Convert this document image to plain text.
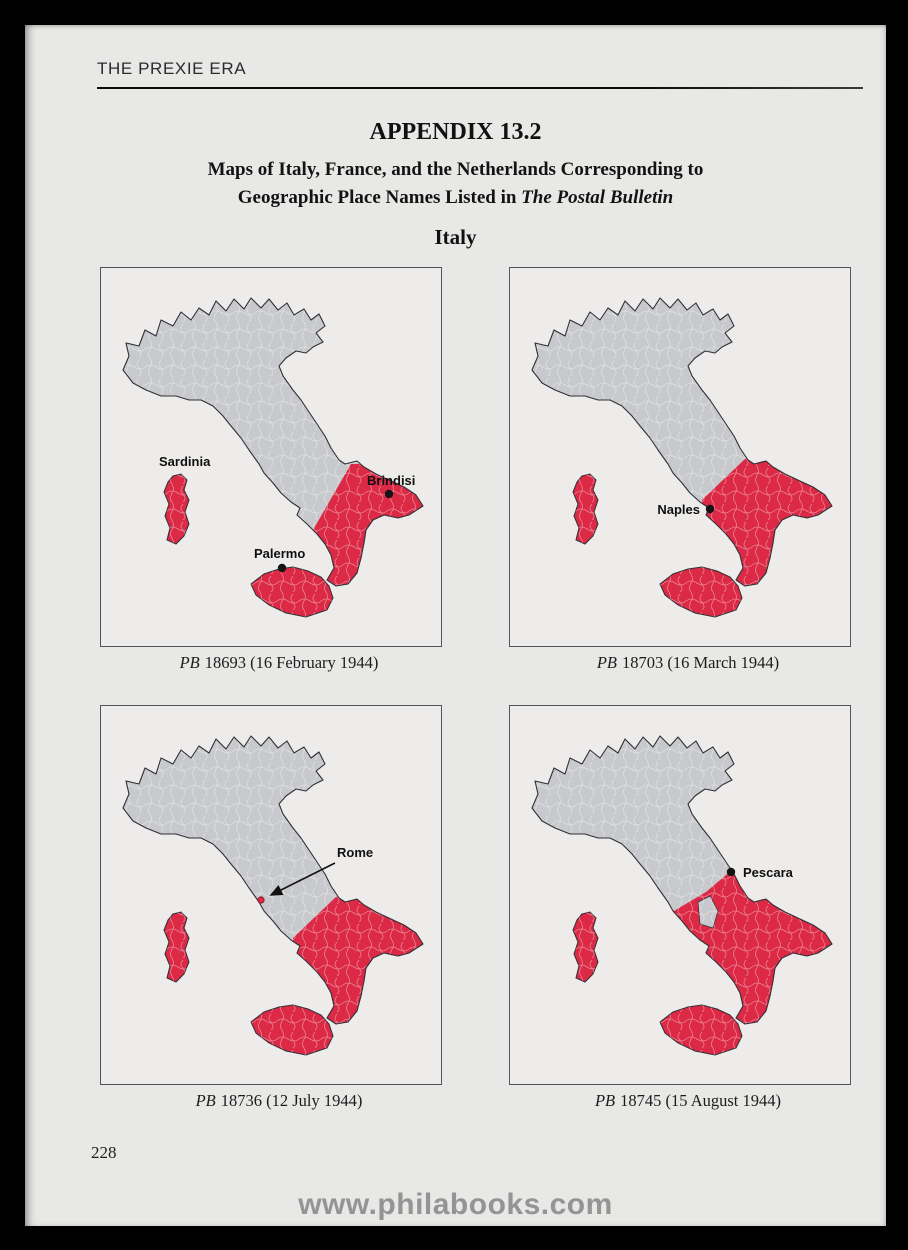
THE PREXIE ERA
APPENDIX 13.2
Maps of Italy, France, and the Netherlands Corresponding to
Geographic Place Names Listed in The Postal Bulletin
Italy
Sardinia
Brindisi
Palermo
Naples
Rome
Pescara
PB 18693 (16 February 1944)	PB 18703 (16 March 1944)
PB 18736 (12 July 1944)	PB 18745 (15 August 1944)
228
www.philabooks.com
